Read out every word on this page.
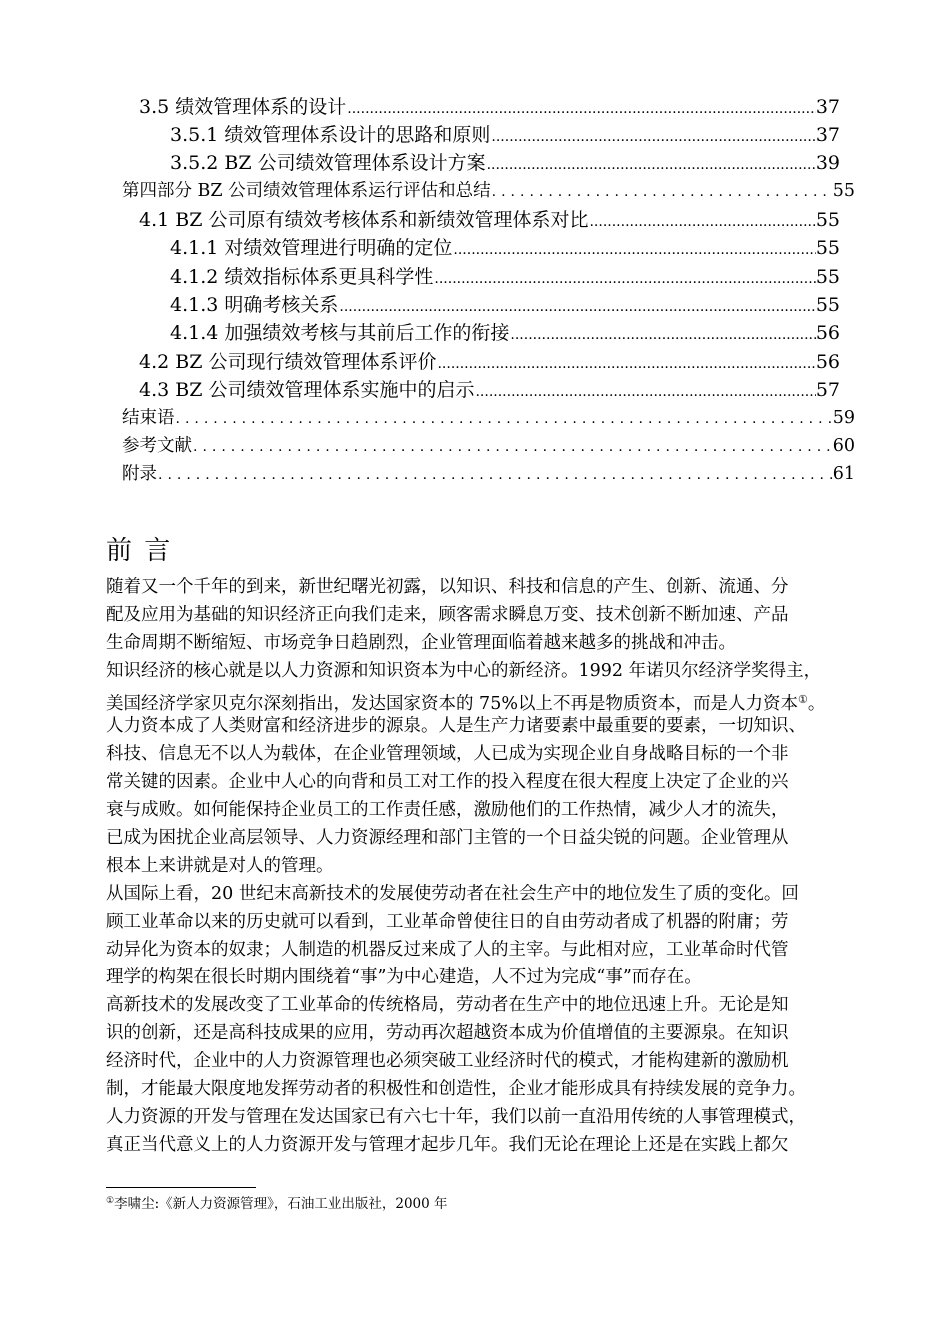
3.5 绩效管理体系的设计 .....	37
3.5.1 绩效管理体系设计的思路和原则 .....	37
3.5.2 BZ 公司绩效管理体系设计方案 .....	39
第四部分 BZ 公司绩效管理体系运行评估和总结 .....	55
4.1 BZ 公司原有绩效考核体系和新绩效管理体系对比 .....	55
4.1.1 对绩效管理进行明确的定位 .....	55
4.1.2 绩效指标体系更具科学性 .....	55
4.1.3 明确考核关系 .....	55
4.1.4 加强绩效考核与其前后工作的衔接 .....	56
4.2 BZ 公司现行绩效管理体系评价 .....	56
4.3 BZ 公司绩效管理体系实施中的启示 .....	57
结束语 .....	59
参考文献 .....	60
附录 .....	61
前 言
随着又一个千年的到来，新世纪曙光初露，以知识、科技和信息的产生、创新、流通、分
配及应用为基础的知识经济正向我们走来，顾客需求瞬息万变、技术创新不断加速、产品
生命周期不断缩短、市场竞争日趋剧烈，企业管理面临着越来越多的挑战和冲击。
知识经济的核心就是以人力资源和知识资本为中心的新经济。1992 年诺贝尔经济学奖得主，
美国经济学家贝克尔深刻指出，发达国家资本的 75%以上不再是物质资本，而是人力资本①。
人力资本成了人类财富和经济进步的源泉。人是生产力诸要素中最重要的要素，一切知识、
科技、信息无不以人为载体，在企业管理领域，人已成为实现企业自身战略目标的一个非
常关键的因素。企业中人心的向背和员工对工作的投入程度在很大程度上决定了企业的兴
衰与成败。如何能保持企业员工的工作责任感，激励他们的工作热情，减少人才的流失，
已成为困扰企业高层领导、人力资源经理和部门主管的一个日益尖锐的问题。企业管理从
根本上来讲就是对人的管理。
从国际上看，20 世纪末高新技术的发展使劳动者在社会生产中的地位发生了质的变化。回
顾工业革命以来的历史就可以看到，工业革命曾使往日的自由劳动者成了机器的附庸；劳
动异化为资本的奴隶；人制造的机器反过来成了人的主宰。与此相对应，工业革命时代管
理学的构架在很长时期内围绕着“事”为中心建造，人不过为完成“事”而存在。
高新技术的发展改变了工业革命的传统格局，劳动者在生产中的地位迅速上升。无论是知
识的创新，还是高科技成果的应用，劳动再次超越资本成为价值增值的主要源泉。在知识
经济时代，企业中的人力资源管理也必须突破工业经济时代的模式，才能构建新的激励机
制，才能最大限度地发挥劳动者的积极性和创造性，企业才能形成具有持续发展的竞争力。
人力资源的开发与管理在发达国家已有六七十年，我们以前一直沿用传统的人事管理模式，
真正当代意义上的人力资源开发与管理才起步几年。我们无论在理论上还是在实践上都欠
①李啸尘:《新人力资源管理》，石油工业出版社，2000 年
